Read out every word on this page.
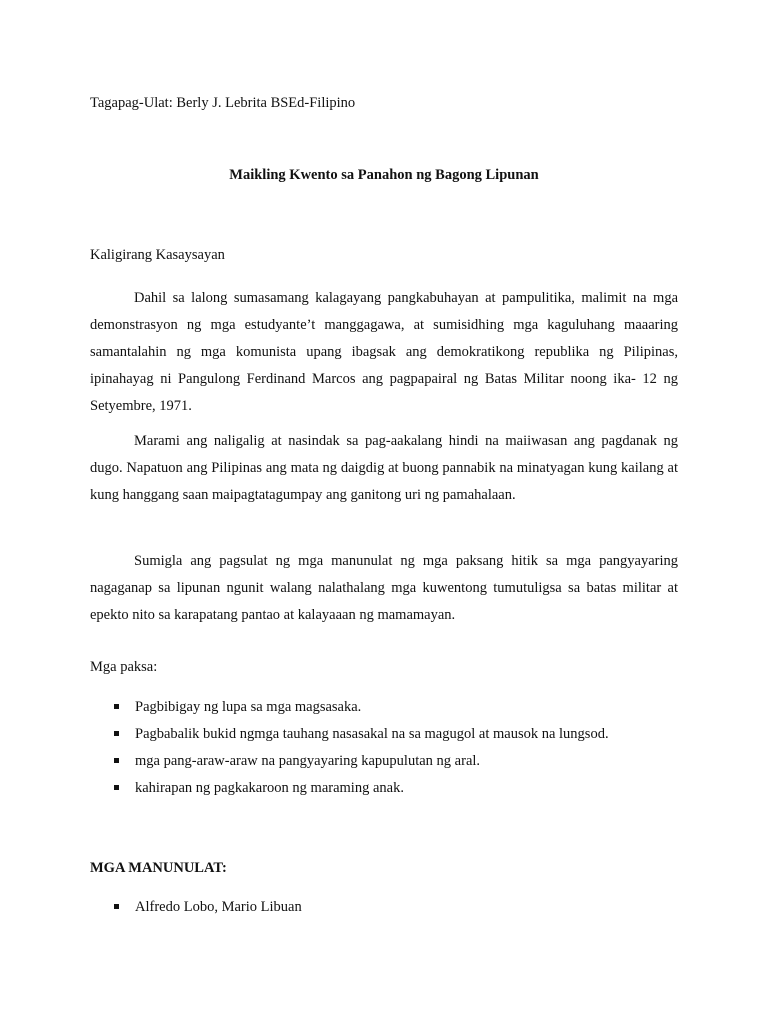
Tagapag-Ulat: Berly J. Lebrita BSEd-Filipino

Maikling Kwento sa Panahon ng Bagong Lipunan

Kaligirang Kasaysayan

Dahil sa lalong sumasamang kalagayang pangkabuhayan at pampulitika, malimit na mga demonstrasyon ng mga estudyante’t manggagawa, at sumisidhing mga kaguluhang maaaring samantalahin ng mga komunista upang ibagsak ang demokratikong republika ng Pilipinas, ipinahayag ni Pangulong Ferdinand Marcos ang pagpapairal ng Batas Militar noong ika- 12 ng Setyembre, 1971.

Marami ang naligalig at nasindak sa pag-aakalang hindi na maiiwasan ang pagdanak ng dugo. Napatuon ang Pilipinas ang mata ng daigdig at buong pannabik na minatyagan kung kailang at kung hanggang saan maipagtatagumpay ang ganitong uri ng pamahalaan.

Sumigla ang pagsulat ng mga manunulat ng mga paksang hitik sa mga pangyayaring nagaganap sa lipunan ngunit walang nalathalang mga kuwentong tumutuligsa sa batas militar at epekto nito sa karapatang pantao at kalayaaan ng mamamayan.

Mga paksa:

Pagbibigay ng lupa sa mga magsasaka.
Pagbabalik bukid ngmga tauhang nasasakal na sa magugol at mausok na lungsod.
mga pang-araw-araw na pangyayaring kapupulutan ng aral.
kahirapan ng pagkakaroon ng maraming anak.

MGA MANUNULAT:

Alfredo Lobo, Mario Libuan
